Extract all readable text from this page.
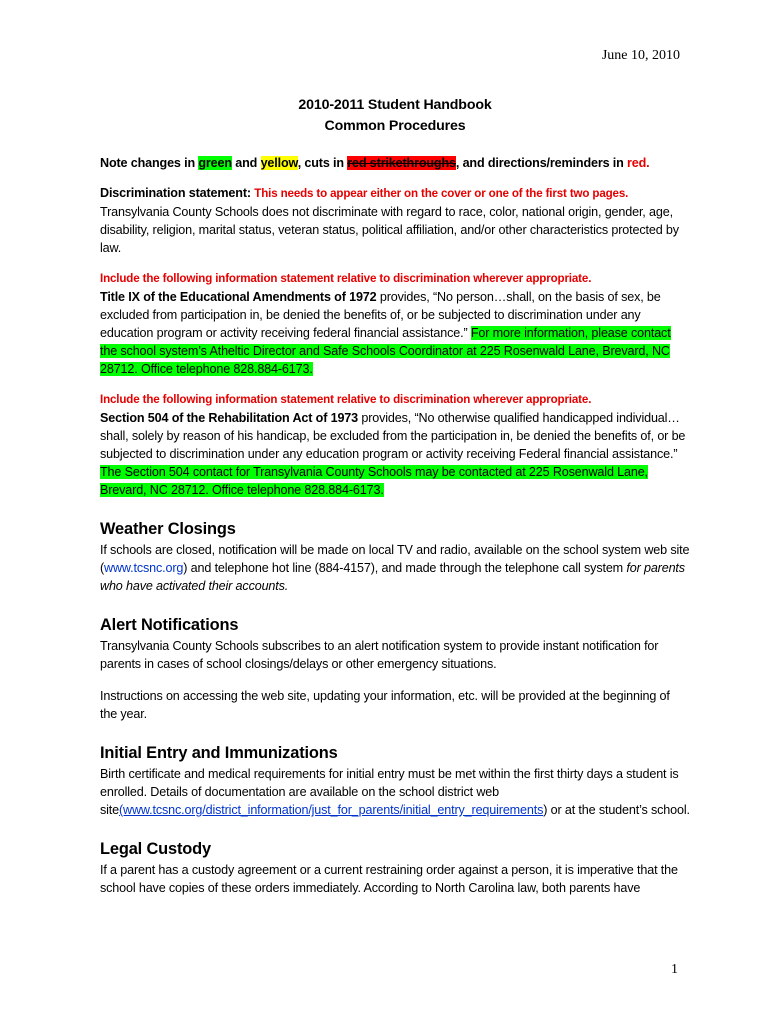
June 10, 2010

2010-2011 Student Handbook
Common Procedures

Note changes in green and yellow, cuts in red strikethroughs, and directions/reminders in red.

Discrimination statement: This needs to appear either on the cover or one of the first two pages.
Transylvania County Schools does not discriminate with regard to race, color, national origin, gender, age, disability, religion, marital status, veteran status, political affiliation, and/or other characteristics protected by law.

Include the following information statement relative to discrimination wherever appropriate.
Title IX of the Educational Amendments of 1972 provides, “No person…shall, on the basis of sex, be excluded from participation in, be denied the benefits of, or be subjected to discrimination under any education program or activity receiving federal financial assistance.” For more information, please contact the school system’s Atheltic Director and Safe Schools Coordinator at 225 Rosenwald Lane, Brevard, NC 28712. Office telephone 828.884-6173.

Include the following information statement relative to discrimination wherever appropriate.
Section 504 of the Rehabilitation Act of 1973 provides, “No otherwise qualified handicapped individual…shall, solely by reason of his handicap, be excluded from the participation in, be denied the benefits of, or be subjected to discrimination under any education program or activity receiving Federal financial assistance.” The Section 504 contact for Transylvania County Schools may be contacted at 225 Rosenwald Lane, Brevard, NC 28712. Office telephone 828.884-6173.

Weather Closings

If schools are closed, notification will be made on local TV and radio, available on the school system web site (www.tcsnc.org) and telephone hot line (884-4157), and made through the telephone call system for parents who have activated their accounts.

Alert Notifications

Transylvania County Schools subscribes to an alert notification system to provide instant notification for parents in cases of school closings/delays or other emergency situations.

Instructions on accessing the web site, updating your information, etc. will be provided at the beginning of the year.

Initial Entry and Immunizations

Birth certificate and medical requirements for initial entry must be met within the first thirty days a student is enrolled. Details of documentation are available on the school district web site(www.tcsnc.org/district_information/just_for_parents/initial_entry_requirements) or at the student’s school.

Legal Custody

If a parent has a custody agreement or a current restraining order against a person, it is imperative that the school have copies of these orders immediately. According to North Carolina law, both parents have

1
